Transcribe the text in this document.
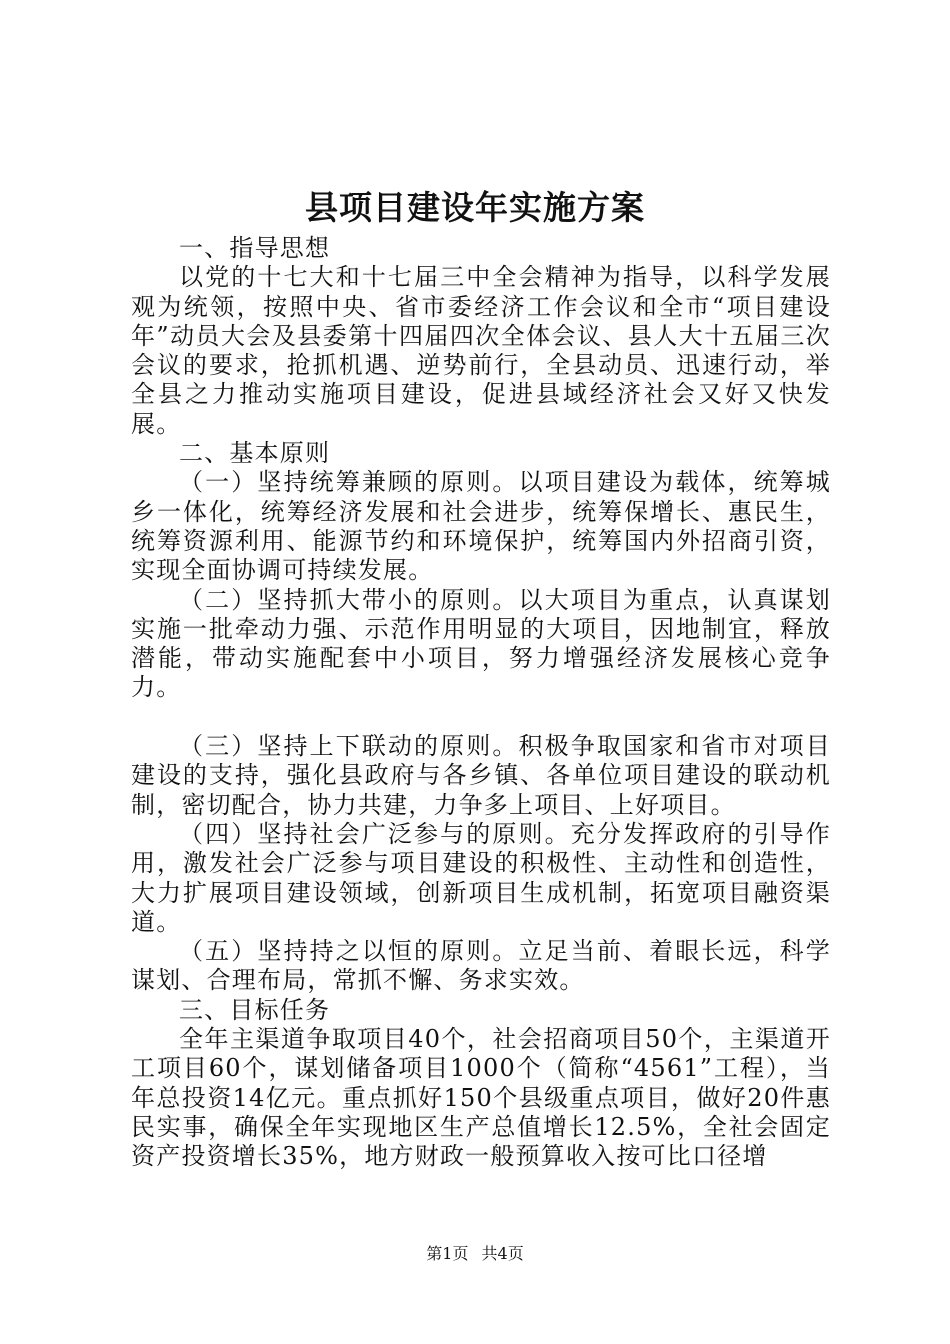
县项目建设年实施方案

一、指导思想

以党的十七大和十七届三中全会精神为指导，以科学发展观为统领，按照中央、省市委经济工作会议和全市“项目建设年”动员大会及县委第十四届四次全体会议、县人大十五届三次会议的要求，抢抓机遇、逆势前行，全县动员、迅速行动，举全县之力推动实施项目建设，促进县域经济社会又好又快发展。

二、基本原则

（一）坚持统筹兼顾的原则。以项目建设为载体，统筹城乡一体化，统筹经济发展和社会进步，统筹保增长、惠民生，统筹资源利用、能源节约和环境保护，统筹国内外招商引资，实现全面协调可持续发展。

（二）坚持抓大带小的原则。以大项目为重点，认真谋划实施一批牵动力强、示范作用明显的大项目，因地制宜，释放潜能，带动实施配套中小项目，努力增强经济发展核心竞争力。

（三）坚持上下联动的原则。积极争取国家和省市对项目建设的支持，强化县政府与各乡镇、各单位项目建设的联动机制，密切配合，协力共建，力争多上项目、上好项目。

（四）坚持社会广泛参与的原则。充分发挥政府的引导作用，激发社会广泛参与项目建设的积极性、主动性和创造性，大力扩展项目建设领域，创新项目生成机制，拓宽项目融资渠道。

（五）坚持持之以恒的原则。立足当前、着眼长远，科学谋划、合理布局，常抓不懈、务求实效。

三、目标任务

全年主渠道争取项目40个，社会招商项目50个，主渠道开工项目60个，谋划储备项目1000个（简称“4561”工程），当年总投资14亿元。重点抓好150个县级重点项目，做好20件惠民实事，确保全年实现地区生产总值增长12.5%，全社会固定资产投资增长35%，地方财政一般预算收入按可比口径增

第1页 共4页
